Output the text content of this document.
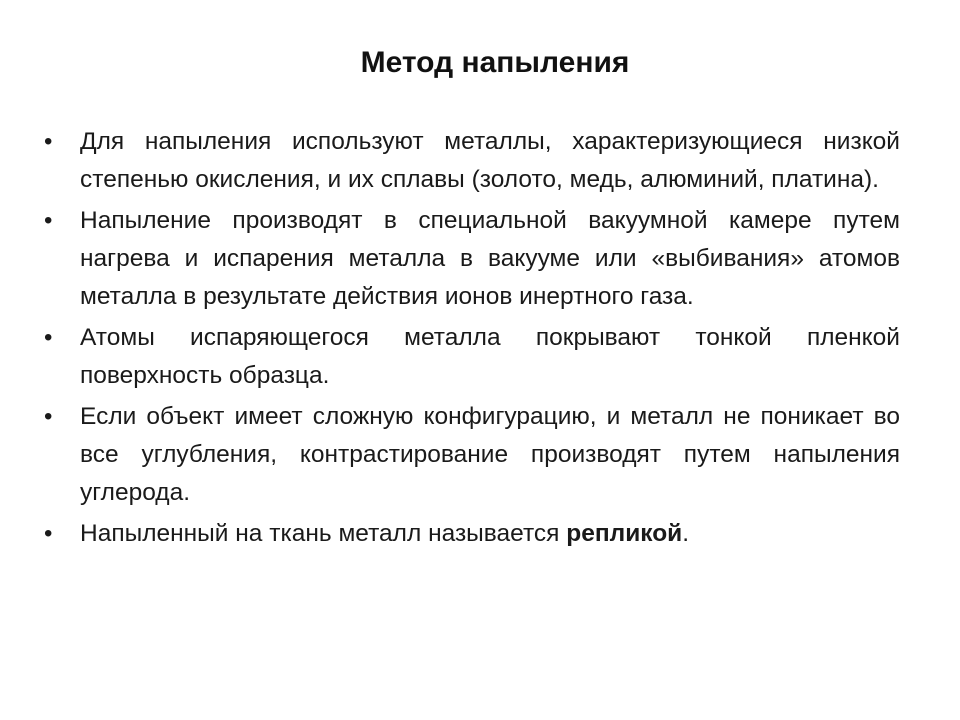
Метод напыления
• Для напыления используют металлы, характеризующиеся низкой степенью окисления, и их сплавы (золото, медь, алюминий, платина).
• Напыление производят в специальной вакуумной камере путем нагрева и испарения металла в вакууме или «выбивания» атомов металла в результате действия ионов инертного газа.
• Атомы испаряющегося металла покрывают тонкой пленкой поверхность образца.
• Если объект имеет сложную конфигурацию, и металл не поникает во все углубления, контрастирование производят путем напыления углерода.
• Напыленный на ткань металл называется репликой.
